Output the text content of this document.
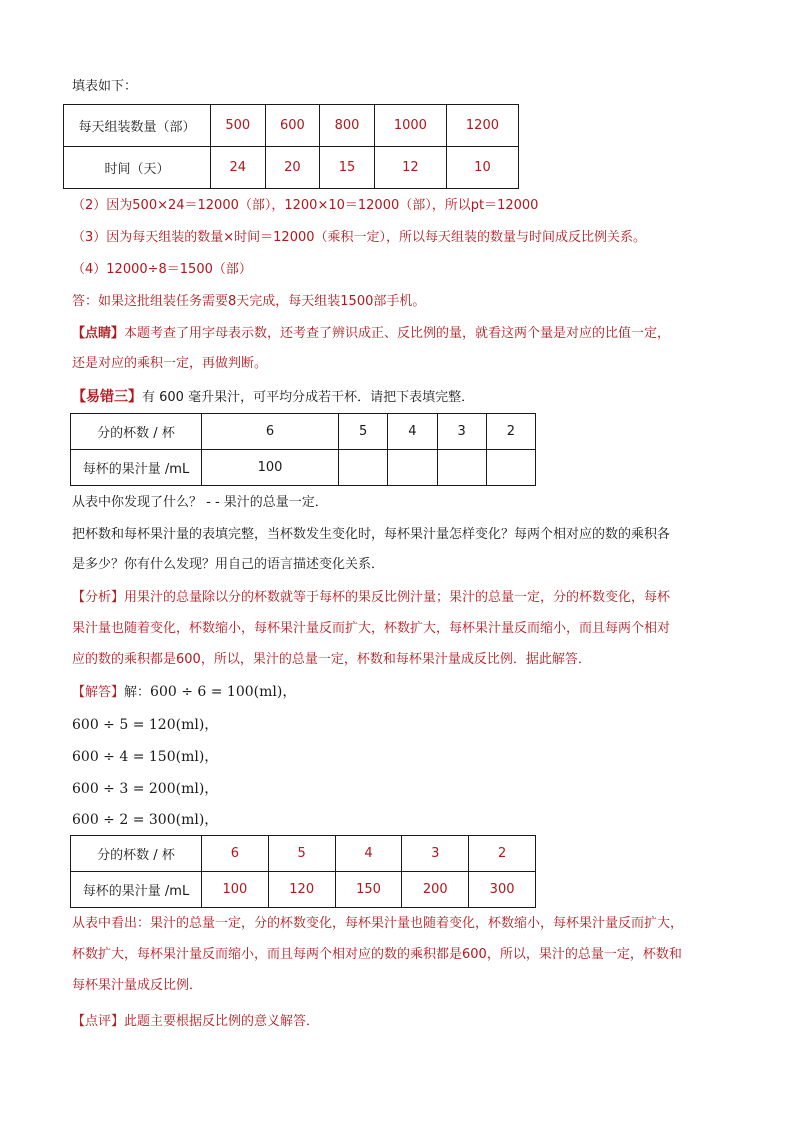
填表如下：
每天组装数量（部）	500	600	800	1000	1200
时间（天）	24	20	15	12	10
（2）因为500×24＝12000（部），1200×10＝12000（部），所以pt＝12000
（3）因为每天组装的数量×时间＝12000（乘积一定），所以每天组装的数量与时间成反比例关系。
（4）12000÷8＝1500（部）
答：如果这批组装任务需要8天完成，每天组装1500部手机。
【点睛】本题考查了用字母表示数，还考查了辨识成正、反比例的量，就看这两个量是对应的比值一定，
还是对应的乘积一定，再做判断。
【易错三】有 600 毫升果汁，可平均分成若干杯．请把下表填完整．
分的杯数 / 杯	6	5	4	3	2
每杯的果汁量 /mL	100				
从表中你发现了什么？ - - 果汁的总量一定．
把杯数和每杯果汁量的表填完整，当杯数发生变化时，每杯果汁量怎样变化？每两个相对应的数的乘积各
是多少？你有什么发现？用自己的语言描述变化关系．
【分析】用果汁的总量除以分的杯数就等于每杯的果反比例汁量；果汁的总量一定，分的杯数变化，每杯
果汁量也随着变化，杯数缩小，每杯果汁量反而扩大，杯数扩大，每杯果汁量反而缩小，而且每两个相对
应的数的乘积都是600，所以，果汁的总量一定，杯数和每杯果汁量成反比例．据此解答．
【解答】解：600 ÷ 6 = 100(ml)，
600 ÷ 5 = 120(ml)，
600 ÷ 4 = 150(ml)，
600 ÷ 3 = 200(ml)，
600 ÷ 2 = 300(ml)，
分的杯数 / 杯	6	5	4	3	2
每杯的果汁量 /mL	100	120	150	200	300
从表中看出：果汁的总量一定，分的杯数变化，每杯果汁量也随着变化，杯数缩小，每杯果汁量反而扩大，
杯数扩大，每杯果汁量反而缩小，而且每两个相对应的数的乘积都是600，所以，果汁的总量一定，杯数和
每杯果汁量成反比例．
【点评】此题主要根据反比例的意义解答．
